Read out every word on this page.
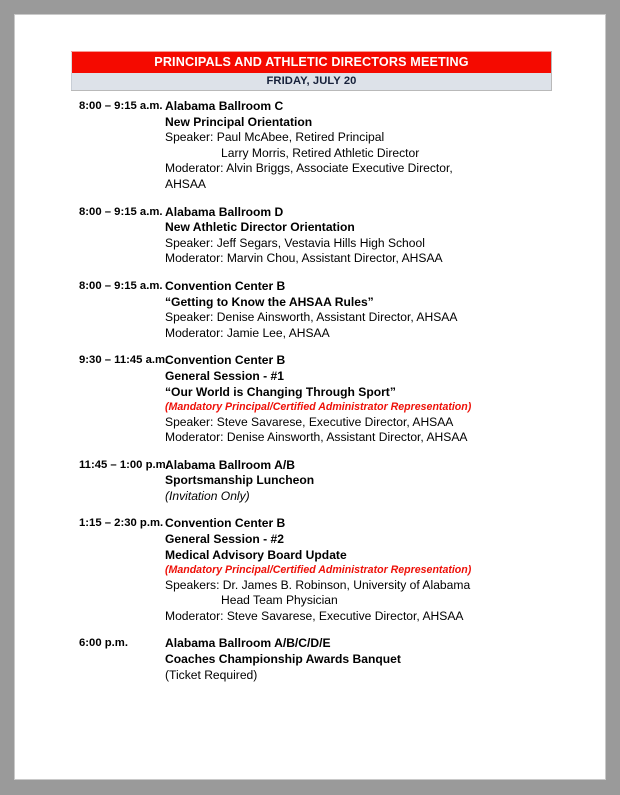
PRINCIPALS AND ATHLETIC DIRECTORS MEETING
FRIDAY, JULY 20
8:00 – 9:15 a.m. Alabama Ballroom C
New Principal Orientation
Speaker: Paul McAbee, Retired Principal
Larry Morris, Retired Athletic Director
Moderator: Alvin Briggs, Associate Executive Director,
AHSAA
8:00 – 9:15 a.m. Alabama Ballroom D
New Athletic Director Orientation
Speaker: Jeff Segars, Vestavia Hills High School
Moderator: Marvin Chou, Assistant Director, AHSAA
8:00 – 9:15 a.m. Convention Center B
“Getting to Know the AHSAA Rules”
Speaker: Denise Ainsworth, Assistant Director, AHSAA
Moderator: Jamie Lee, AHSAA
9:30 – 11:45 a.m.
Convention Center B
General Session - #1
“Our World is Changing Through Sport”
(Mandatory Principal/Certified Administrator Representation)
Speaker: Steve Savarese, Executive Director, AHSAA
Moderator: Denise Ainsworth, Assistant Director, AHSAA
11:45 – 1:00 p.m.
Alabama Ballroom A/B
Sportsmanship Luncheon
(Invitation Only)
1:15 – 2:30 p.m. Convention Center B
General Session - #2
Medical Advisory Board Update
(Mandatory Principal/Certified Administrator Representation)
Speakers: Dr. James B. Robinson, University of Alabama
Head Team Physician
Moderator: Steve Savarese, Executive Director, AHSAA
6:00 p.m.	Alabama Ballroom A/B/C/D/E
Coaches Championship Awards Banquet
(Ticket Required)
